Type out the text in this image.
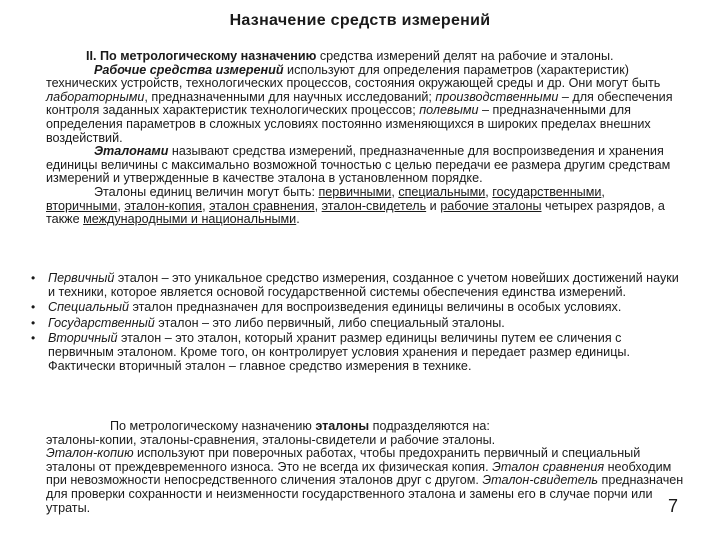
Назначение средств измерений

II. По метрологическому назначению средства измерений делят на рабочие и эталоны.

Рабочие средства измерений используют для определения параметров (характеристик) технических устройств, технологических процессов, состояния окружающей среды и др. Они могут быть лабораторными, предназначенными для научных исследований; производственными – для обеспечения контроля заданных характеристик технологических процессов; полевыми – предназначенными для определения параметров в сложных условиях постоянно изменяющихся в широких пределах внешних воздействий.

Эталонами называют средства измерений, предназначенные для воспроизведения и хранения единицы величины с максимально возможной точностью с целью передачи ее размера другим средствам измерений и утвержденные в качестве эталона в установленном порядке.

Эталоны единиц величин могут быть: первичными, специальными, государственными, вторичными, эталон-копия, эталон сравнения, эталон-свидетель и рабочие эталоны четырех разрядов, а также международными и национальными.

• Первичный эталон – это уникальное средство измерения, созданное с учетом новейших достижений науки и техники, которое является основой государственной системы обеспечения единства измерений.
• Специальный эталон предназначен для воспроизведения единицы величины в особых условиях.
• Государственный эталон – это либо первичный, либо специальный эталоны.
• Вторичный эталон – это эталон, который хранит размер единицы величины путем ее сличения с первичным эталоном. Кроме того, он контролирует условия хранения и передает размер единицы. Фактически вторичный эталон – главное средство измерения в технике.

По метрологическому назначению эталоны подразделяются на:

эталоны-копии, эталоны-сравнения, эталоны-свидетели и рабочие эталоны.

Эталон-копию используют при поверочных работах, чтобы предохранить первичный и специальный эталоны от преждевременного износа. Это не всегда их физическая копия. Эталон сравнения необходим при невозможности непосредственного сличения эталонов друг с другом. Эталон-свидетель предназначен для проверки сохранности и неизменности государственного эталона и замены его в случае порчи или утраты.	7
